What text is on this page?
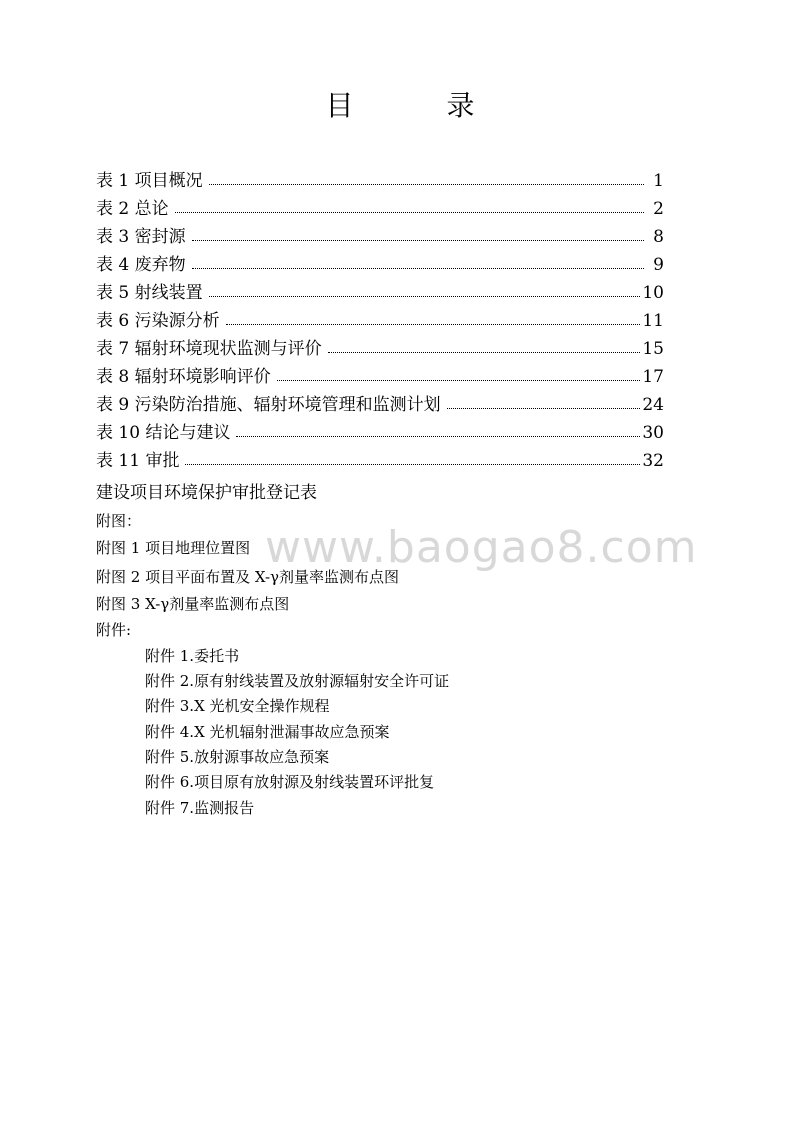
目 录
表 1 项目概况	1
表 2 总论	2
表 3 密封源	8
表 4 废弃物	9
表 5 射线装置	10
表 6 污染源分析	11
表 7 辐射环境现状监测与评价	15
表 8 辐射环境影响评价	17
表 9 污染防治措施、辐射环境管理和监测计划	24
表 10 结论与建议	30
表 11 审批	32
建设项目环境保护审批登记表
附图：
附图 1 项目地理位置图
附图 2 项目平面布置及 X-γ剂量率监测布点图
附图 3 X-γ剂量率监测布点图
附件:
附件 1.委托书
附件 2.原有射线装置及放射源辐射安全许可证
附件 3.X 光机安全操作规程
附件 4.X 光机辐射泄漏事故应急预案
附件 5.放射源事故应急预案
附件 6.项目原有放射源及射线装置环评批复
附件 7.监测报告
www.baogao8.com
